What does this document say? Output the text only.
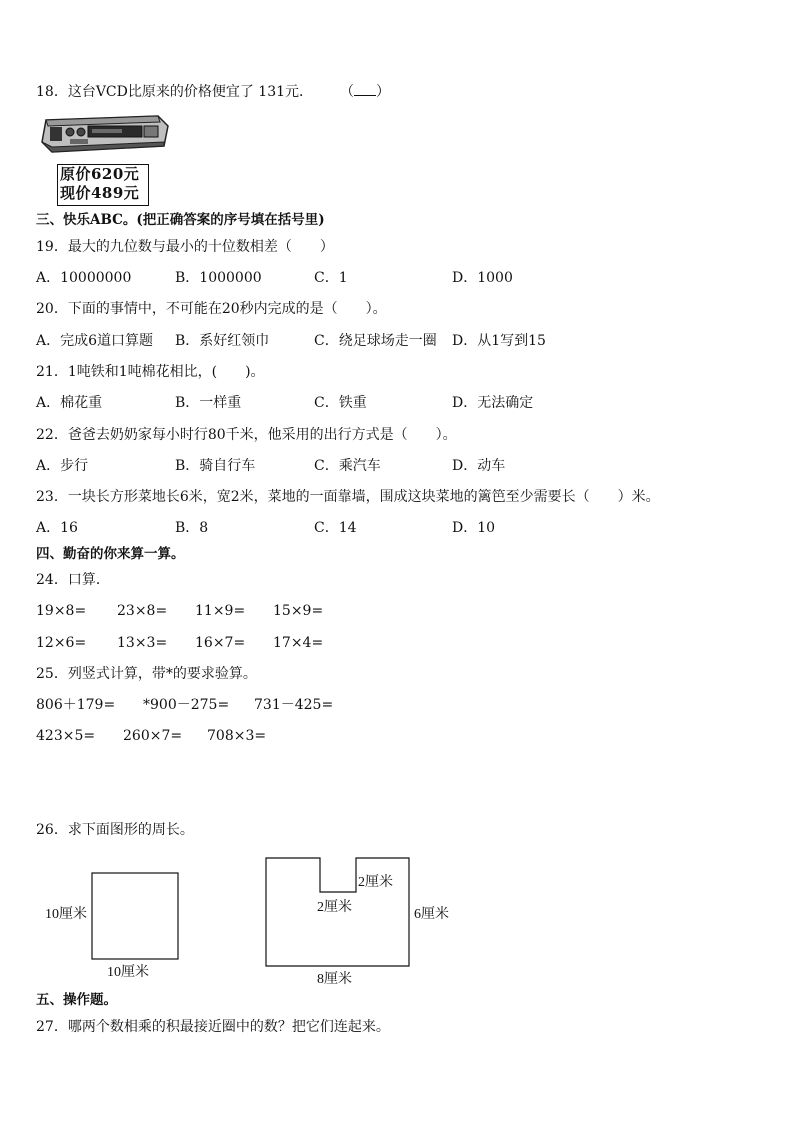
18．这台VCD比原来的价格便宜了 131元． （ ）
原价620元
现价489元
三、快乐ABC。(把正确答案的序号填在括号里)
19．最大的九位数与最小的十位数相差（　　）
A．10000000	B．1000000	C．1	D．1000
20．下面的事情中，不可能在20秒内完成的是（　　）。
A．完成6道口算题 B．系好红领巾	C．绕足球场走一圈 D．从1写到15
21．1吨铁和1吨棉花相比，(　　)。
A．棉花重	B．一样重	C．铁重	D．无法确定
22．爸爸去奶奶家每小时行80千米，他采用的出行方式是（　　）。
A．步行	B．骑自行车	C．乘汽车	D．动车
23．一块长方形菜地长6米，宽2米，菜地的一面靠墙，围成这块菜地的篱笆至少需要长（　　）米。
A．16	B．8	C．14	D．10
四、勤奋的你来算一算。
24．口算．
19×8= 23×8= 11×9= 15×9=
12×6= 13×3= 16×7= 17×4=
25．列竖式计算，带*的要求验算。
806＋179= *900－275= 731－425=
423×5= 260×7= 708×3=
26．求下面图形的周长。
10厘米
10厘米
2厘米
2厘米	6厘米
8厘米
五、操作题。
27．哪两个数相乘的积最接近圈中的数？把它们连起来。
